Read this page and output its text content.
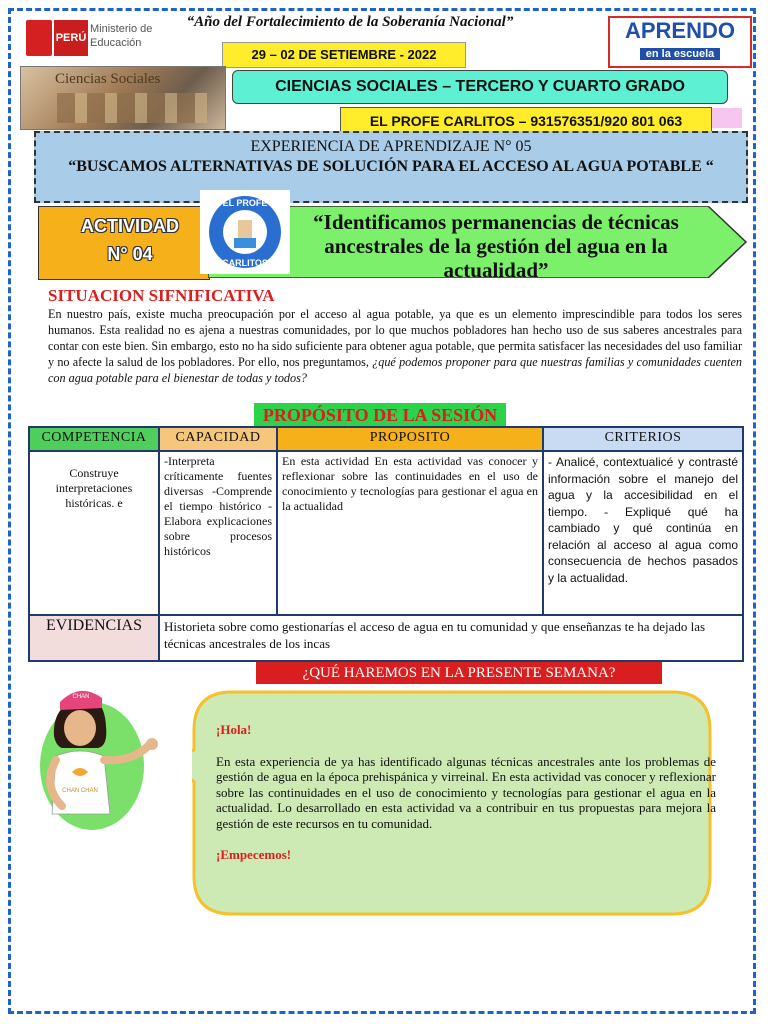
“Año del Fortalecimiento de la Soberanía Nacional”
PERÚ
Ministerio de Educación
29 – 02 DE SETIEMBRE - 2022
APRENDO
en la escuela
Ciencias Sociales	CIENCIAS SOCIALES – TERCERO Y CUARTO GRADO
EL PROFE CARLITOS – 931576351/920 801 063
EXPERIENCIA DE APRENDIZAJE N° 05
“BUSCAMOS ALTERNATIVAS DE SOLUCIÓN PARA EL ACCESO AL AGUA POTABLE “
ACTIVIDAD
N° 04
EL PROFE
CARLITOS
“Identificamos permanencias de técnicas ancestrales de la gestión del agua en la actualidad”
SITUACION SIFNIFICATIVA
En nuestro país, existe mucha preocupación por el acceso al agua potable, ya que es un elemento imprescindible para todos los seres humanos. Esta realidad no es ajena a nuestras comunidades, por lo que muchos pobladores han hecho uso de sus saberes ancestrales para contar con este bien. Sin embargo, esto no ha sido suficiente para obtener agua potable, que permita satisfacer las necesidades del uso familiar y no afecte la salud de los pobladores. Por ello, nos preguntamos, ¿qué podemos proponer para que nuestras familias y comunidades cuenten con agua potable para el bienestar de todas y todos?
PROPÓSITO DE LA SESIÓN
COMPETENCIA	CAPACIDAD	PROPOSITO	CRITERIOS
Construye interpretaciones históricas. e	-Interpreta críticamente fuentes diversas -Comprende el tiempo histórico -Elabora explicaciones sobre procesos históricos	En esta actividad En esta actividad vas conocer y reflexionar sobre las continuidades en el uso de conocimiento y tecnologías para gestionar el agua en la actualidad	- Analicé, contextualicé y contrasté información sobre el manejo del agua y la accesibilidad en el tiempo. - Expliqué qué ha cambiado y qué continúa en relación al acceso al agua como consecuencia de hechos pasados y la actualidad.
EVIDENCIAS	Historieta sobre como gestionarías el acceso de agua en tu comunidad y que enseñanzas te ha dejado las técnicas ancestrales de los incas		
¿QUÉ HAREMOS EN LA PRESENTE SEMANA?
CHAN
CHAN CHAN

¡Hola!

En esta experiencia de ya has identificado algunas técnicas ancestrales ante los problemas de gestión de agua en la época prehispánica y virreinal. En esta actividad vas conocer y reflexionar sobre las continuidades en el uso de conocimiento y tecnologías para gestionar el agua en la actualidad. Lo desarrollado en esta actividad va a contribuir en tus propuestas para mejora la gestión de este recursos en tu comunidad.

¡Empecemos!
